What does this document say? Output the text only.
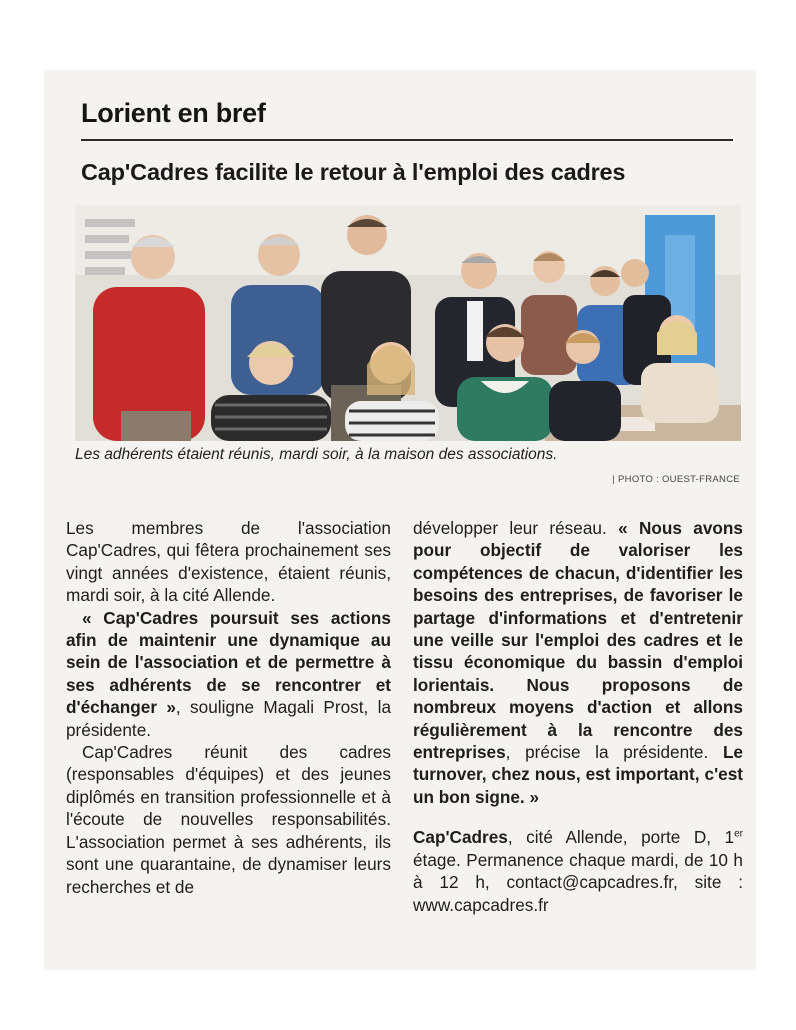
Lorient en bref
Cap'Cadres facilite le retour à l'emploi des cadres

Les adhérents étaient réunis, mardi soir, à la maison des associations.

| PHOTO : OUEST-FRANCE

Les membres de l'association Cap'Cadres, qui fêtera prochainement ses vingt années d'existence, étaient réunis, mardi soir, à la cité Allende.

« Cap'Cadres poursuit ses actions afin de maintenir une dynamique au sein de l'association et de permettre à ses adhérents de se rencontrer et d'échanger », souligne Magali Prost, la présidente.

Cap'Cadres réunit des cadres (responsables d'équipes) et des jeunes diplômés en transition professionnelle et à l'écoute de nouvelles responsabilités. L'association permet à ses adhérents, ils sont une quarantaine, de dynamiser leurs recherches et de

développer leur réseau. « Nous avons pour objectif de valoriser les compétences de chacun, d'identifier les besoins des entreprises, de favoriser le partage d'informations et d'entretenir une veille sur l'emploi des cadres et le tissu économique du bassin d'emploi lorientais. Nous proposons de nombreux moyens d'action et allons régulièrement à la rencontre des entreprises, précise la présidente. Le turnover, chez nous, est important, c'est un bon signe. »

Cap'Cadres, cité Allende, porte D, 1er étage. Permanence chaque mardi, de 10 h à 12 h, contact@capcadres.fr, site : www.capcadres.fr
